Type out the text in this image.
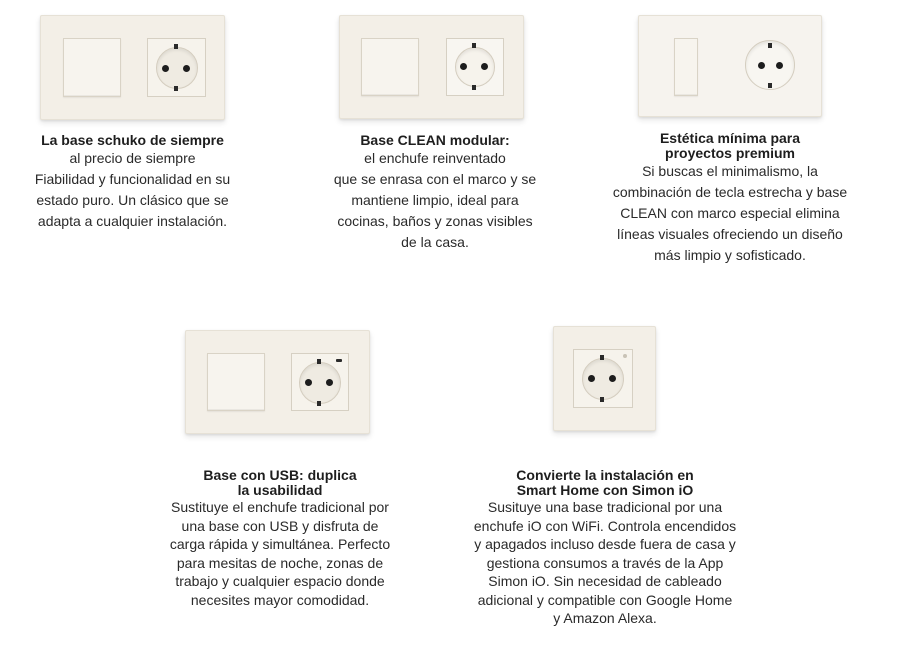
La base schuko de siempre
al precio de siempre
Fiabilidad y funcionalidad en su
estado puro. Un clásico que se
adapta a cualquier instalación.
Base CLEAN modular:
el enchufe reinventado
que se enrasa con el marco y se
mantiene limpio, ideal para
cocinas, baños y zonas visibles
de la casa.
Estética mínima para
proyectos premium
Si buscas el minimalismo, la
combinación de tecla estrecha y base
CLEAN con marco especial elimina
líneas visuales ofreciendo un diseño
más limpio y sofisticado.
Base con USB: duplica
la usabilidad
Sustituye el enchufe tradicional por
una base con USB y disfruta de
carga rápida y simultánea. Perfecto
para mesitas de noche, zonas de
trabajo y cualquier espacio donde
necesites mayor comodidad.
Convierte la instalación en
Smart Home con Simon iO
Susituye una base tradicional por una
enchufe iO con WiFi. Controla encendidos
y apagados incluso desde fuera de casa y
gestiona consumos a través de la App
Simon iO. Sin necesidad de cableado
adicional y compatible con Google Home
y Amazon Alexa.
